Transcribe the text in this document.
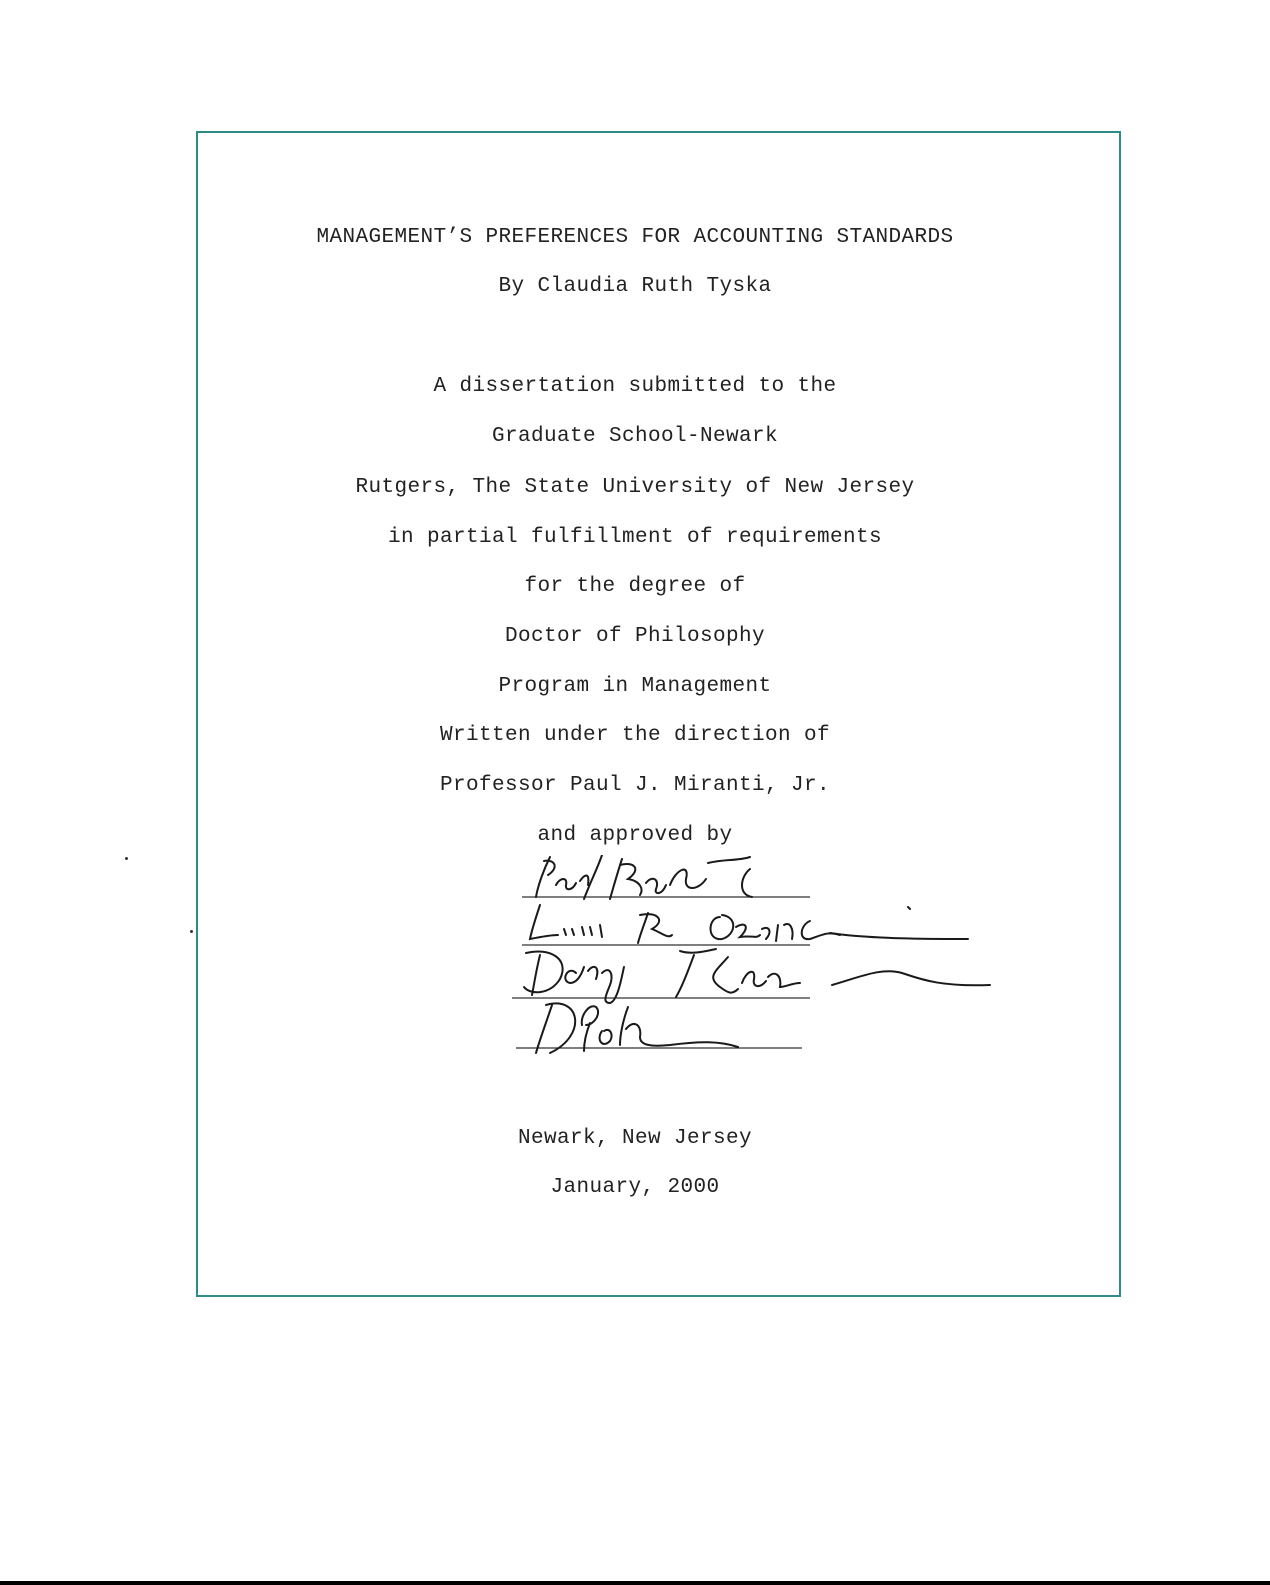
MANAGEMENT’S PREFERENCES FOR ACCOUNTING STANDARDS
By Claudia Ruth Tyska
A dissertation submitted to the
Graduate School-Newark
Rutgers, The State University of New Jersey
in partial fulfillment of requirements
for the degree of
Doctor of Philosophy
Program in Management
Written under the direction of
Professor Paul J. Miranti, Jr.
and approved by
Newark, New Jersey
January, 2000
